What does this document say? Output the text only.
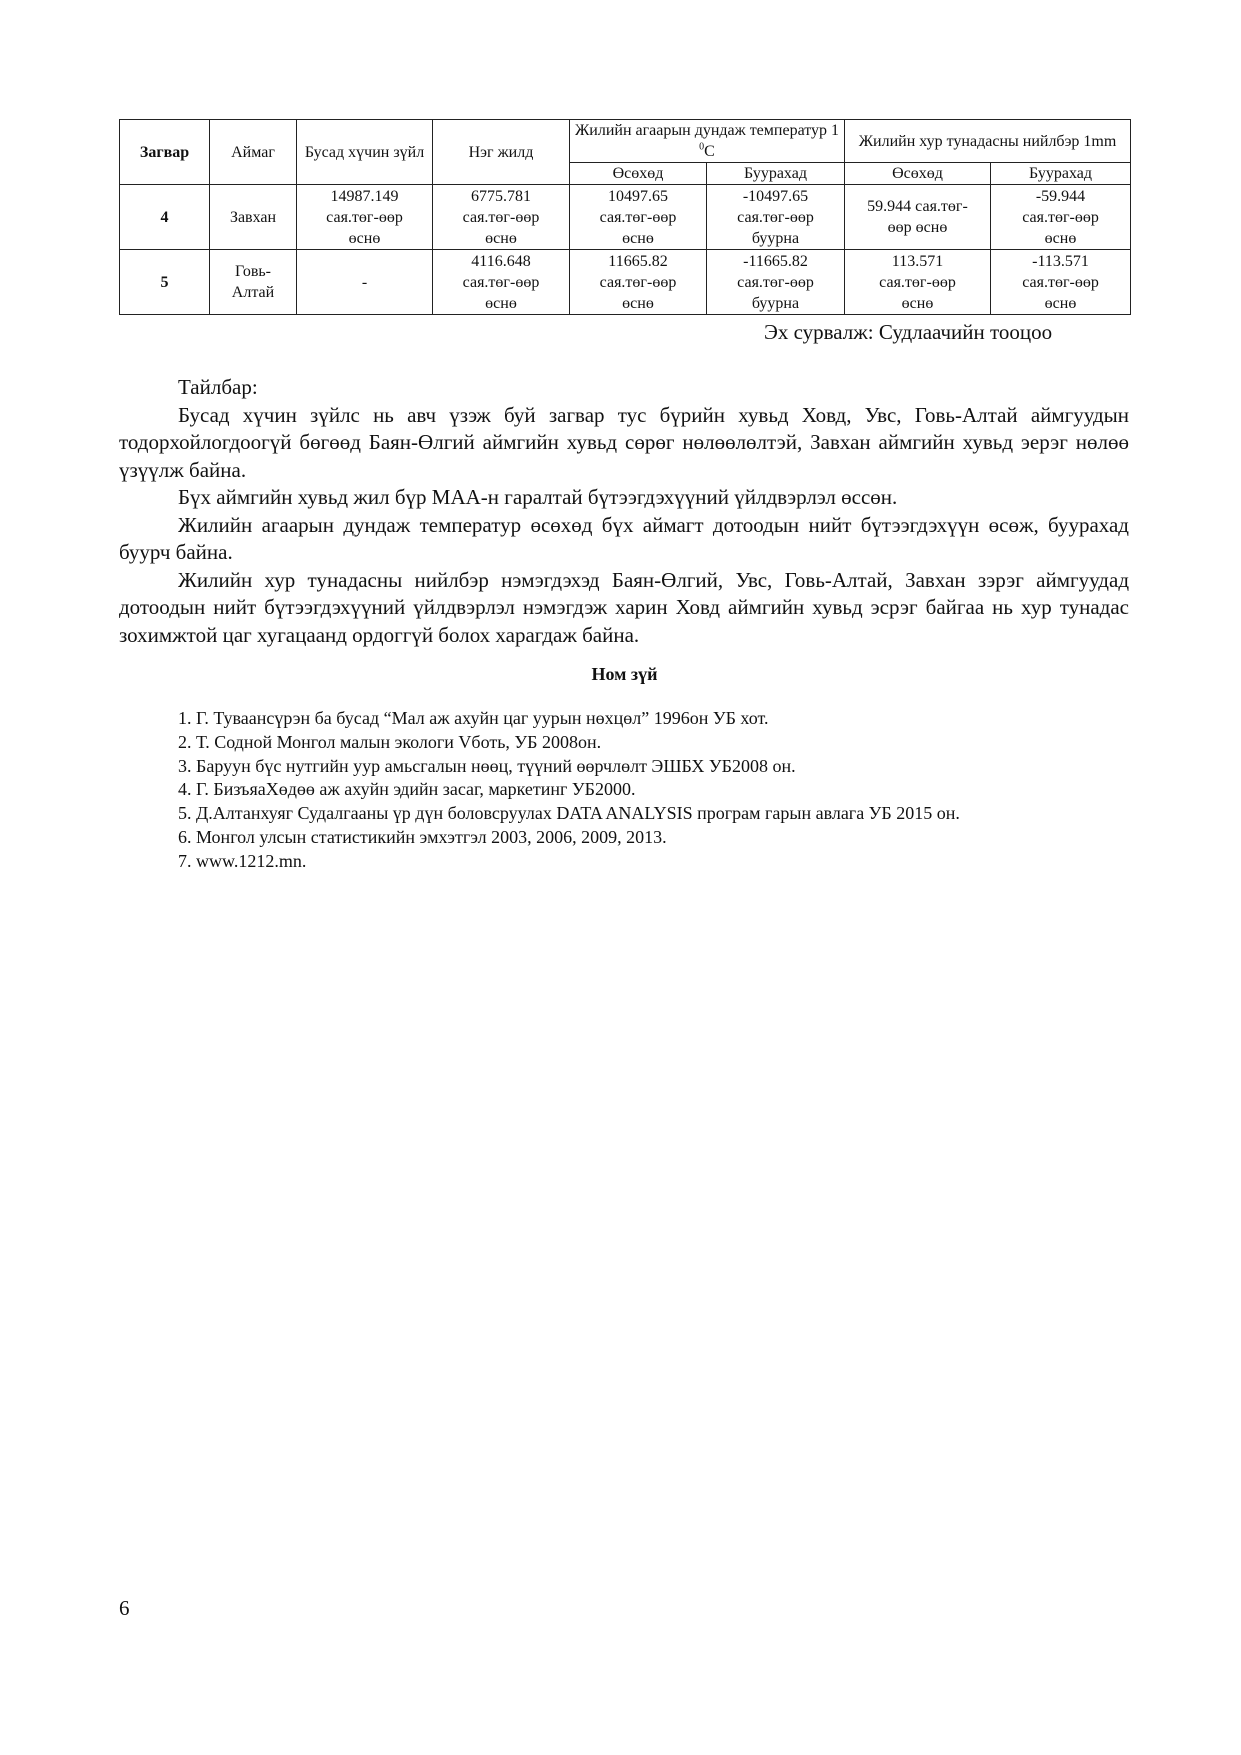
Загвар	Аймаг	Бусад хүчин зүйл	Нэг жилд	Жилийн агаарын дундаж температур 1 $^0$C		Жилийн хур тунадасны нийлбэр 1mm	
				Өсөхөд	Буурахад	Өсөхөд	Буурахад
4	Завхан	14987.149
сая.төг-өөр
өснө	6775.781
сая.төг-өөр
өснө	10497.65
сая.төг-өөр
өснө	-10497.65
сая.төг-өөр
буурна	59.944 сая.төг-
өөр өснө	-59.944
сая.төг-өөр
өснө

5	Говь-
Алтай	-	4116.648
сая.төг-өөр
өснө	11665.82
сая.төг-өөр
өснө	-11665.82
сая.төг-өөр
буурна	113.571
сая.төг-өөр
өснө	-113.571
сая.төг-өөр
өснө
Эх сурвалж: Судлаачийн тооцоо

Тайлбар:

Бусад хүчин зүйлс нь авч үзэж буй загвар тус бүрийн хувьд Ховд, Увс, Говь-Алтай аймгуудын тодорхойлогдоогүй бөгөөд Баян-Өлгий аймгийн хувьд сөрөг нөлөөлөлтэй, Завхан аймгийн хувьд эерэг нөлөө үзүүлж байна.

Бүх аймгийн хувьд жил бүр МАА-н гаралтай бүтээгдэхүүний үйлдвэрлэл өссөн.

Жилийн агаарын дундаж температур өсөхөд бүх аймагт дотоодын нийт бүтээгдэхүүн өсөж, буурахад буурч байна.

Жилийн хур тунадасны нийлбэр нэмэгдэхэд Баян-Өлгий, Увс, Говь-Алтай, Завхан зэрэг аймгуудад дотоодын нийт бүтээгдэхүүний үйлдвэрлэл нэмэгдэж харин Ховд аймгийн хувьд эсрэг байгаа нь хур тунадас зохимжтой цаг хугацаанд ордоггүй болох харагдаж байна.

Ном зүй
1. Г. Туваансүрэн ба бусад “Мал аж ахуйн цаг уурын нөхцөл” 1996он УБ хот.
2. Т. Содной Монгол малын экологи Vботь, УБ 2008он.
3. Баруун бүс нутгийн уур амьсгалын нөөц, түүний өөрчлөлт ЭШБХ УБ2008 он.
4. Г. БизъяаХөдөө аж ахуйн эдийн засаг, маркетинг УБ2000.
5. Д.Алтанхуяг Судалгааны үр дүн боловсруулах DATA ANALYSIS програм гарын авлага УБ 2015 он.
6. Монгол улсын статистикийн эмхэтгэл 2003, 2006, 2009, 2013.
7. www.1212.mn.
6
